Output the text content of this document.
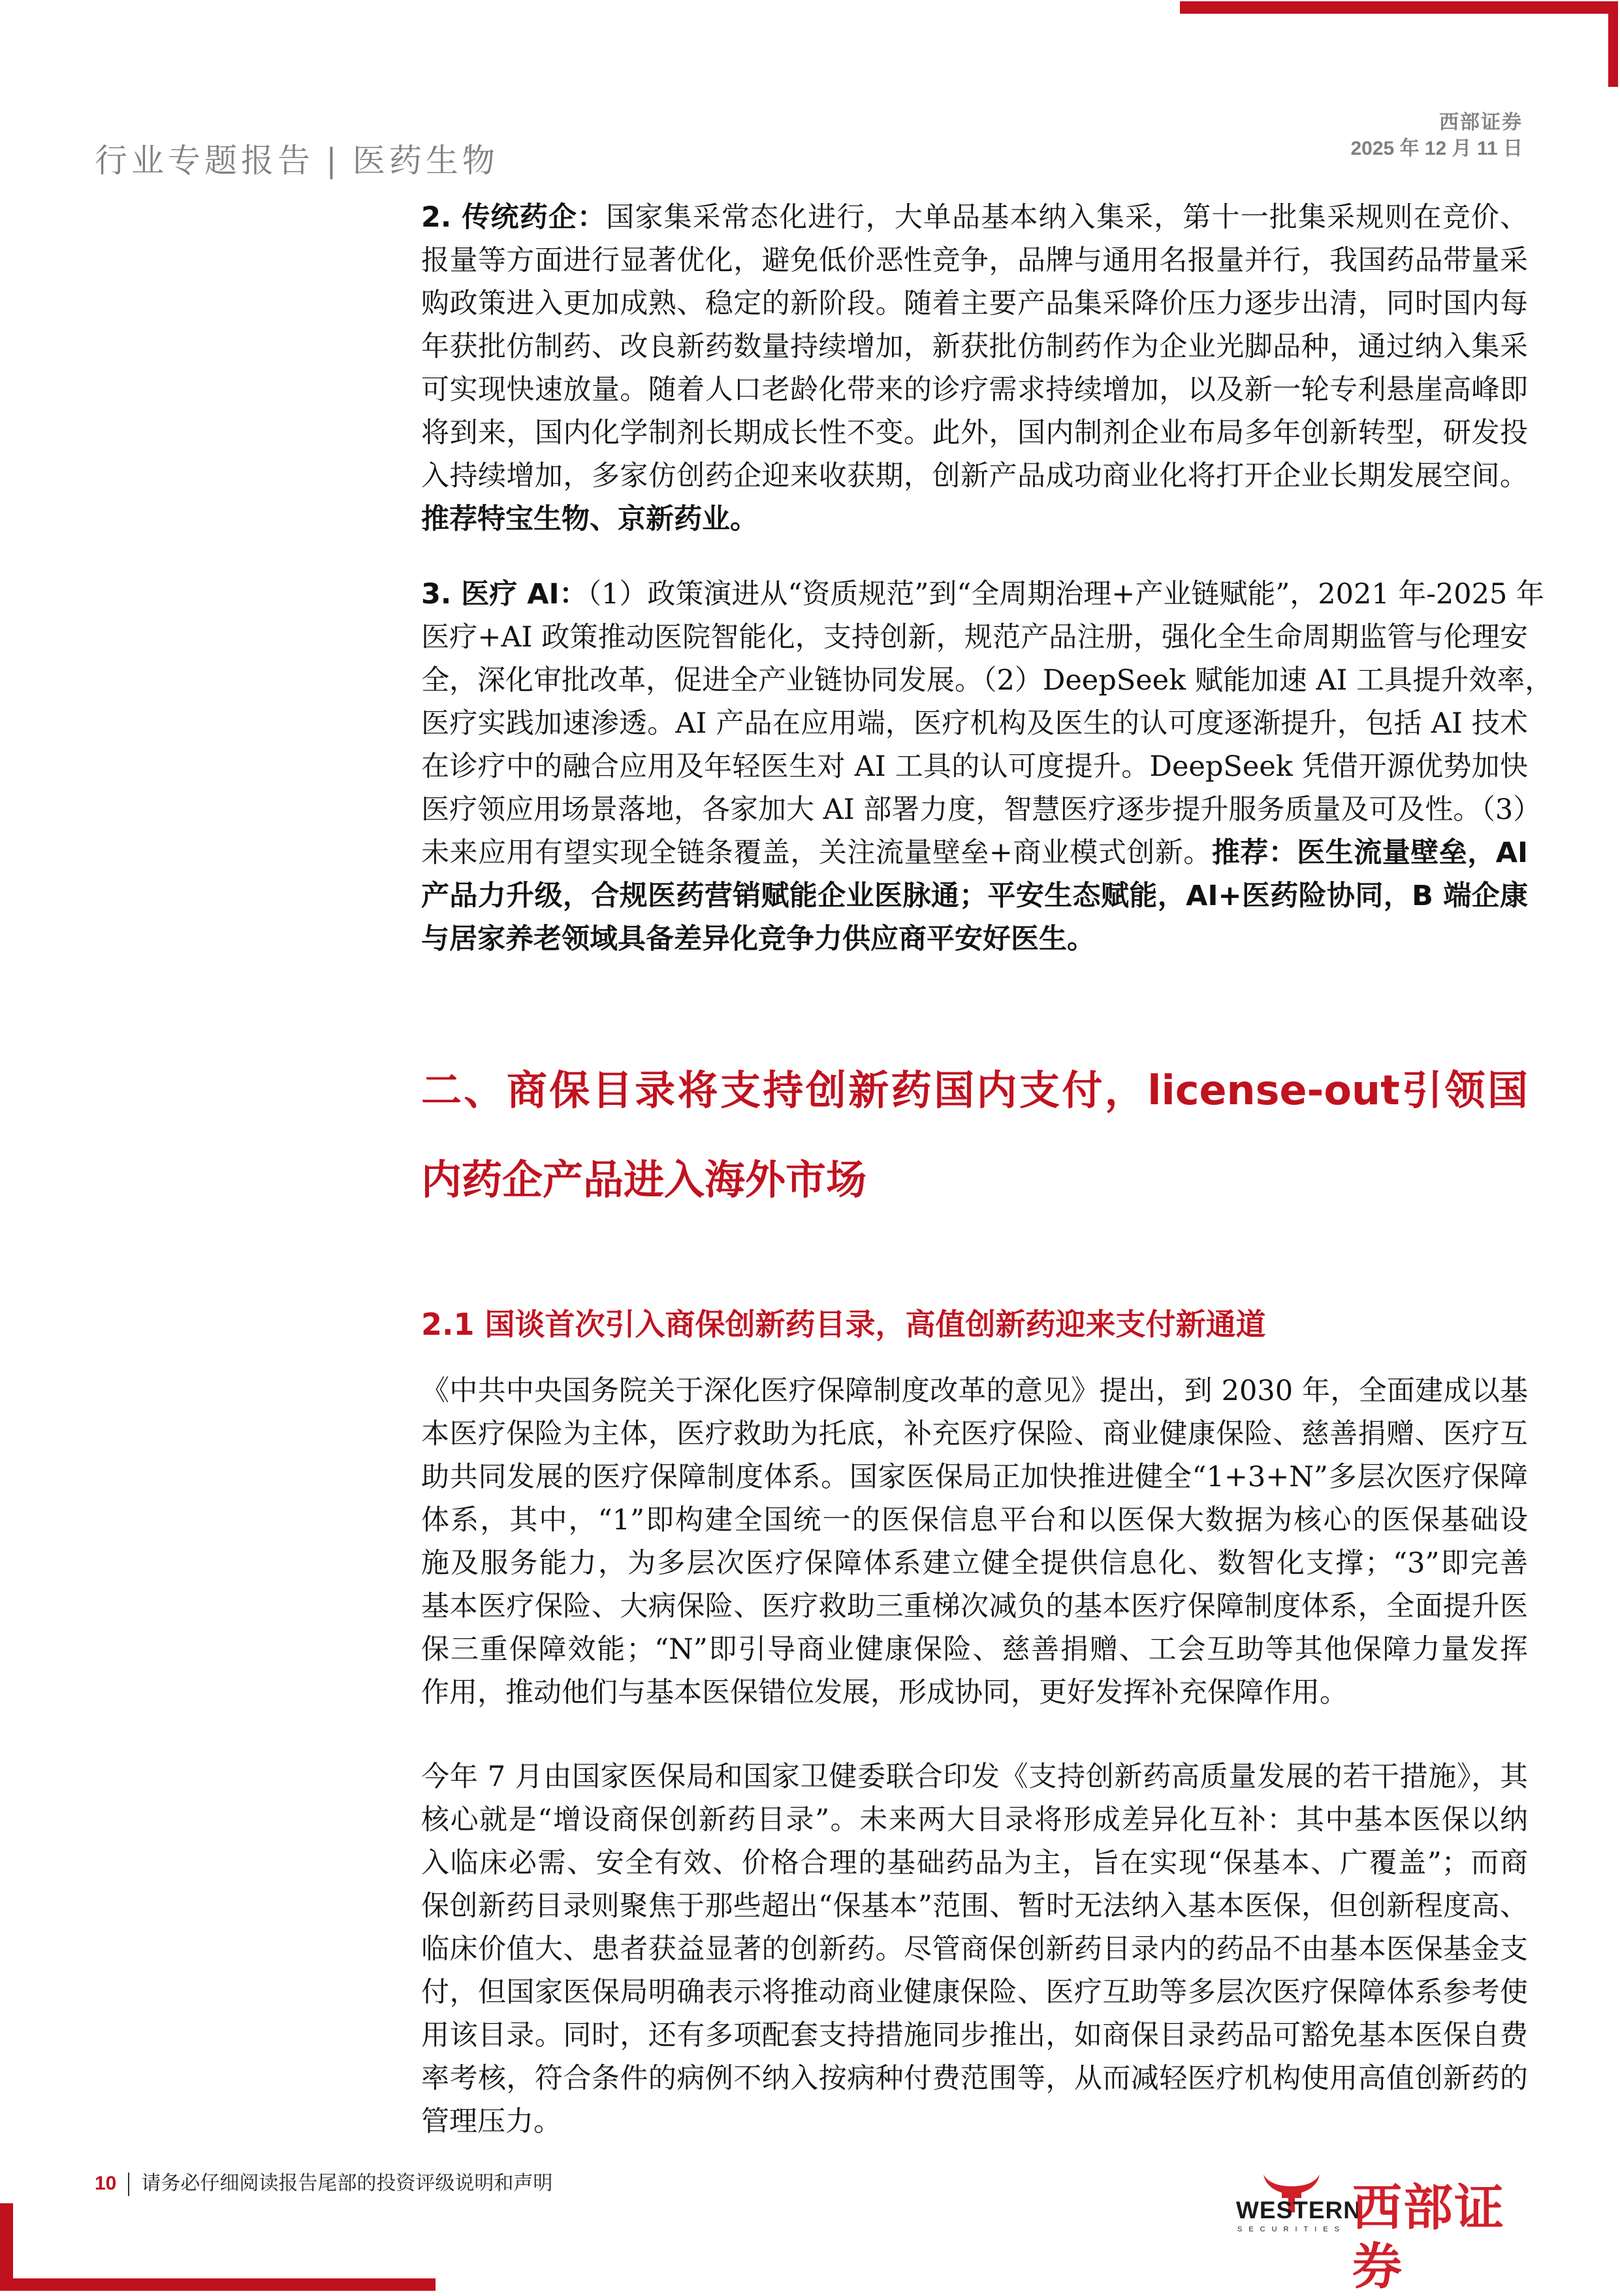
行业专题报告 | 医药生物
西部证券
2025 年 12 月 11 日
2. 传统药企：国家集采常态化进行，大单品基本纳入集采，第十一批集采规则在竞价、
报量等方面进行显著优化，避免低价恶性竞争，品牌与通用名报量并行，我国药品带量采
购政策进入更加成熟、稳定的新阶段。随着主要产品集采降价压力逐步出清，同时国内每
年获批仿制药、改良新药数量持续增加，新获批仿制药作为企业光脚品种，通过纳入集采
可实现快速放量。随着人口老龄化带来的诊疗需求持续增加，以及新一轮专利悬崖高峰即
将到来，国内化学制剂长期成长性不变。此外，国内制剂企业布局多年创新转型，研发投
入持续增加，多家仿创药企迎来收获期，创新产品成功商业化将打开企业长期发展空间。
推荐特宝生物、京新药业。
3. 医疗 AI：（1）政策演进从“资质规范”到“全周期治理+产业链赋能”，2021 年-2025 年
医疗+AI 政策推动医院智能化，支持创新，规范产品注册，强化全生命周期监管与伦理安
全，深化审批改革，促进全产业链协同发展。（2）DeepSeek 赋能加速 AI 工具提升效率，
医疗实践加速渗透。AI 产品在应用端，医疗机构及医生的认可度逐渐提升，包括 AI 技术
在诊疗中的融合应用及年轻医生对 AI 工具的认可度提升。DeepSeek 凭借开源优势加快
医疗领应用场景落地，各家加大 AI 部署力度，智慧医疗逐步提升服务质量及可及性。（3）
未来应用有望实现全链条覆盖，关注流量壁垒+商业模式创新。推荐：医生流量壁垒，AI
产品力升级，合规医药营销赋能企业医脉通；平安生态赋能，AI+医药险协同，B 端企康
与居家养老领域具备差异化竞争力供应商平安好医生。
二、商保目录将支持创新药国内支付，license-out引领国
内药企产品进入海外市场
2.1 国谈首次引入商保创新药目录，高值创新药迎来支付新通道
《中共中央国务院关于深化医疗保障制度改革的意见》提出，到 2030 年，全面建成以基
本医疗保险为主体，医疗救助为托底，补充医疗保险、商业健康保险、慈善捐赠、医疗互
助共同发展的医疗保障制度体系。国家医保局正加快推进健全“1+3+N”多层次医疗保障
体系，其中，“1”即构建全国统一的医保信息平台和以医保大数据为核心的医保基础设
施及服务能力，为多层次医疗保障体系建立健全提供信息化、数智化支撑；“3”即完善
基本医疗保险、大病保险、医疗救助三重梯次减负的基本医疗保障制度体系，全面提升医
保三重保障效能；“N”即引导商业健康保险、慈善捐赠、工会互助等其他保障力量发挥
作用，推动他们与基本医保错位发展，形成协同，更好发挥补充保障作用。
今年 7 月由国家医保局和国家卫健委联合印发《支持创新药高质量发展的若干措施》，其
核心就是“增设商保创新药目录”。未来两大目录将形成差异化互补：其中基本医保以纳
入临床必需、安全有效、价格合理的基础药品为主，旨在实现“保基本、广覆盖”；而商
保创新药目录则聚焦于那些超出“保基本”范围、暂时无法纳入基本医保，但创新程度高、
临床价值大、患者获益显著的创新药。尽管商保创新药目录内的药品不由基本医保基金支
付，但国家医保局明确表示将推动商业健康保险、医疗互助等多层次医疗保障体系参考使
用该目录。同时，还有多项配套支持措施同步推出，如商保目录药品可豁免基本医保自费
率考核，符合条件的病例不纳入按病种付费范围等，从而减轻医疗机构使用高值创新药的
管理压力。
10 请务必仔细阅读报告尾部的投资评级说明和声明
WESTERN
SECURITIES 西部证券
